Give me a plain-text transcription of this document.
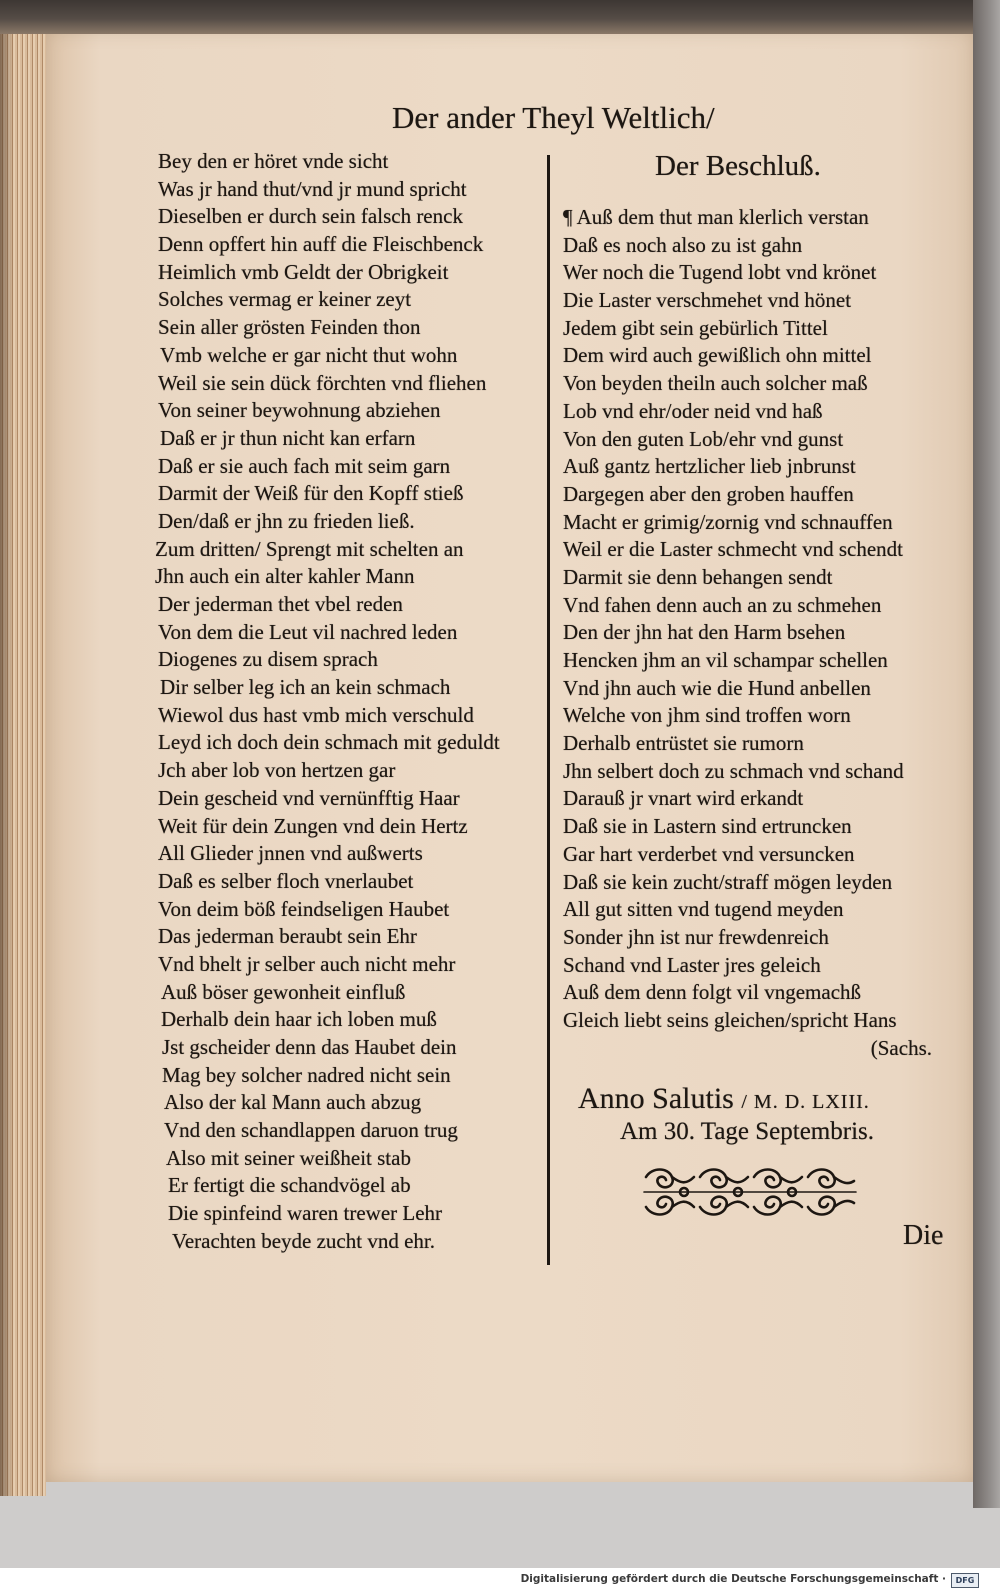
Der ander Theyl Weltlich/
Bey den er höret vnde sicht
Was jr hand thut/vnd jr mund spricht
Dieselben er durch sein falsch renck
Denn opffert hin auff die Fleischbenck
Heimlich vmb Geldt der Obrigkeit
Solches vermag er keiner zeyt
Sein aller grösten Feinden thon
Vmb welche er gar nicht thut wohn
Weil sie sein dück förchten vnd fliehen
Von seiner beywohnung abziehen
Daß er jr thun nicht kan erfarn
Daß er sie auch fach mit seim garn
Darmit der Weiß für den Kopff stieß
Den/daß er jhn zu frieden ließ.
Zum dritten/ Sprengt mit schelten an
Jhn auch ein alter kahler Mann
Der jederman thet vbel reden
Von dem die Leut vil nachred leden
Diogenes zu disem sprach
Dir selber leg ich an kein schmach
Wiewol dus hast vmb mich verschuld
Leyd ich doch dein schmach mit geduldt
Jch aber lob von hertzen gar
Dein gescheid vnd vernünfftig Haar
Weit für dein Zungen vnd dein Hertz
All Glieder jnnen vnd außwerts
Daß es selber floch vnerlaubet
Von deim böß feindseligen Haubet
Das jederman beraubt sein Ehr
Vnd bhelt jr selber auch nicht mehr
Auß böser gewonheit einfluß
Derhalb dein haar ich loben muß
Jst gscheider denn das Haubet dein
Mag bey solcher nadred nicht sein
Also der kal Mann auch abzug
Vnd den schandlappen daruon trug
Also mit seiner weißheit stab
Er fertigt die schandvögel ab
Die spinfeind waren trewer Lehr
Verachten beyde zucht vnd ehr.
Der Beschluß.
¶ Auß dem thut man klerlich verstan
Daß es noch also zu ist gahn
Wer noch die Tugend lobt vnd krönet
Die Laster verschmehet vnd hönet
Jedem gibt sein gebürlich Tittel
Dem wird auch gewißlich ohn mittel
Von beyden theiln auch solcher maß
Lob vnd ehr/oder neid vnd haß
Von den guten Lob/ehr vnd gunst
Auß gantz hertzlicher lieb jnbrunst
Dargegen aber den groben hauffen
Macht er grimig/zornig vnd schnauffen
Weil er die Laster schmecht vnd schendt
Darmit sie denn behangen sendt
Vnd fahen denn auch an zu schmehen
Den der jhn hat den Harm bsehen
Hencken jhm an vil schampar schellen
Vnd jhn auch wie die Hund anbellen
Welche von jhm sind troffen worn
Derhalb entrüstet sie rumorn
Jhn selbert doch zu schmach vnd schand
Darauß jr vnart wird erkandt
Daß sie in Lastern sind ertruncken
Gar hart verderbet vnd versuncken
Daß sie kein zucht/straff mögen leyden
All gut sitten vnd tugend meyden
Sonder jhn ist nur frewdenreich
Schand vnd Laster jres geleich
Auß dem denn folgt vil vngemachß
Gleich liebt seins gleichen/spricht Hans
(Sachs.
Anno Salutis / M. D. LXIII.
Am 30. Tage Septembris.
Die
Digitalisierung gefördert durch die Deutsche Forschungsgemeinschaft ·	DFG
